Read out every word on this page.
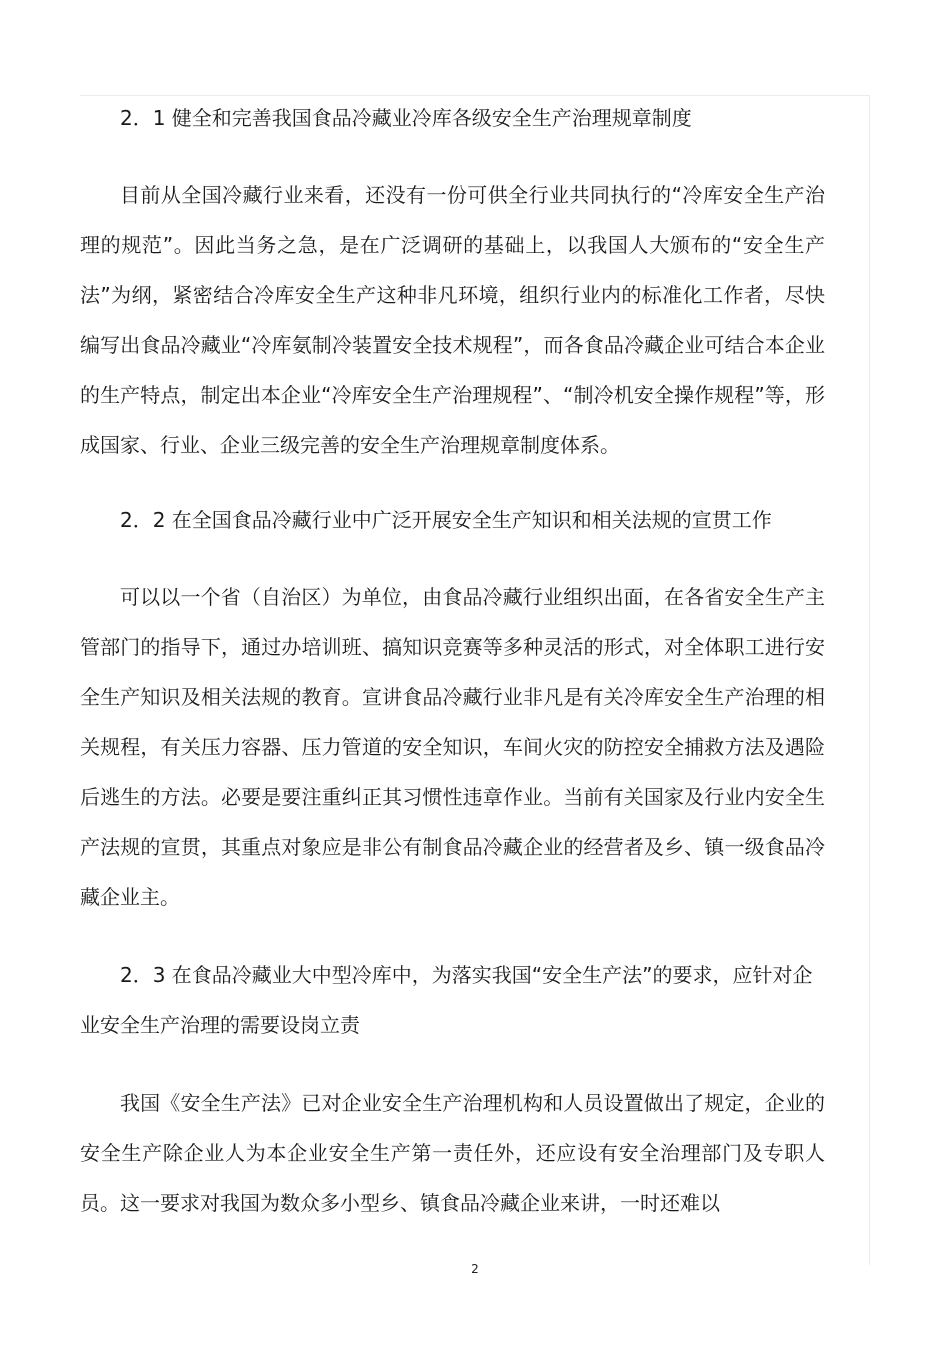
2．1 健全和完善我国食品冷藏业冷库各级安全生产治理规章制度

目前从全国冷藏行业来看，还没有一份可供全行业共同执行的“冷库安全生产治理的规范”。因此当务之急，是在广泛调研的基础上，以我国人大颁布的“安全生产法”为纲，紧密结合冷库安全生产这种非凡环境，组织行业内的标准化工作者，尽快编写出食品冷藏业“冷库氨制冷装置安全技术规程”，而各食品冷藏企业可结合本企业的生产特点，制定出本企业“冷库安全生产治理规程”、“制冷机安全操作规程”等，形成国家、行业、企业三级完善的安全生产治理规章制度体系。

2．2 在全国食品冷藏行业中广泛开展安全生产知识和相关法规的宣贯工作

可以以一个省（自治区）为单位，由食品冷藏行业组织出面，在各省安全生产主管部门的指导下，通过办培训班、搞知识竞赛等多种灵活的形式，对全体职工进行安全生产知识及相关法规的教育。宣讲食品冷藏行业非凡是有关冷库安全生产治理的相关规程，有关压力容器、压力管道的安全知识，车间火灾的防控安全捕救方法及遇险后逃生的方法。必要是要注重纠正其习惯性违章作业。当前有关国家及行业内安全生产法规的宣贯，其重点对象应是非公有制食品冷藏企业的经营者及乡、镇一级食品冷藏企业主。

2．3 在食品冷藏业大中型冷库中，为落实我国“安全生产法”的要求，应针对企业安全生产治理的需要设岗立责

我国《安全生产法》已对企业安全生产治理机构和人员设置做出了规定，企业的安全生产除企业人为本企业安全生产第一责任外，还应设有安全治理部门及专职人员。这一要求对我国为数众多小型乡、镇食品冷藏企业来讲，一时还难以

2
